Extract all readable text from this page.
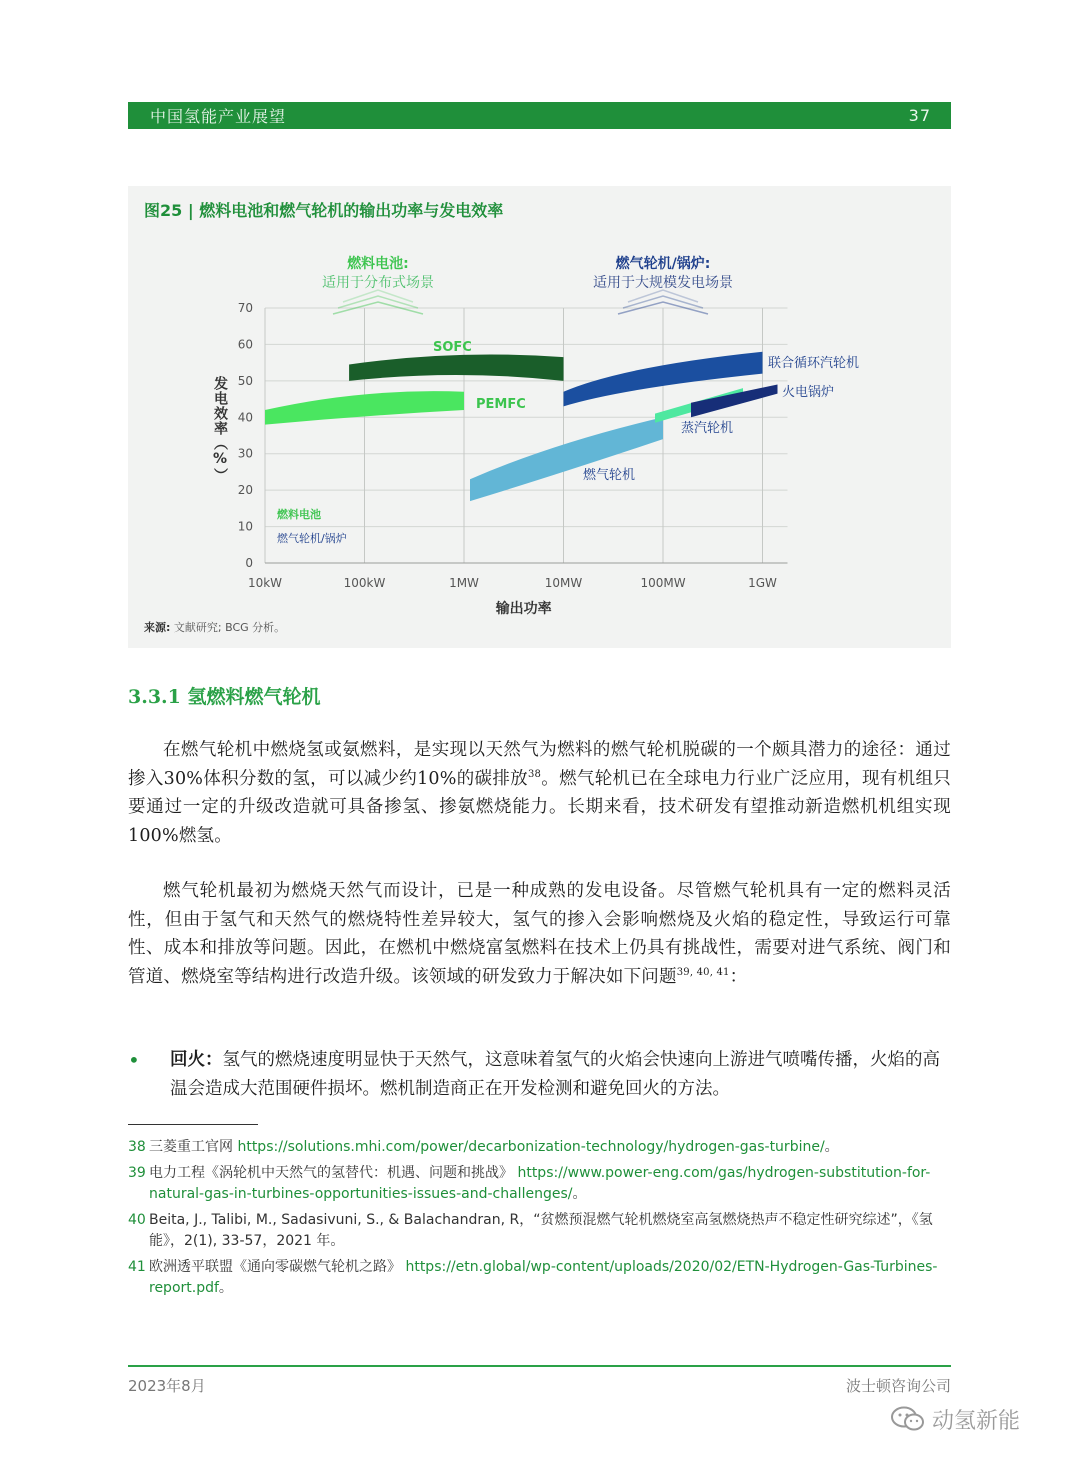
中国氢能产业展望	37
0
10
20
30
40
50
60
70
10kW	100kW	1MW	10MW	100MW	1GW
输出功率
发电效率（%）
燃料电池:
适用于分布式场景
燃气轮机/锅炉:
适用于大规模发电场景
SOFC
PEMFC
燃气轮机
蒸汽轮机
联合循环汽轮机
火电锅炉
燃料电池
燃气轮机/锅炉
图25 | 燃料电池和燃气轮机的输出功率与发电效率
来源: 文献研究; BCG 分析。
3.3.1 氢燃料燃气轮机
在燃气轮机中燃烧氢或氨燃料，是实现以天然气为燃料的燃气轮机脱碳的一个颇具潜力的途径：通过掺入30%体积分数的氢，可以减少约10%的碳排放$^{38}$。燃气轮机已在全球电力行业广泛应用，现有机组只要通过一定的升级改造就可具备掺氢、掺氨燃烧能力。长期来看，技术研发有望推动新造燃机机组实现100%燃氢。
燃气轮机最初为燃烧天然气而设计，已是一种成熟的发电设备。尽管燃气轮机具有一定的燃料灵活性，但由于氢气和天然气的燃烧特性差异较大，氢气的掺入会影响燃烧及火焰的稳定性，导致运行可靠性、成本和排放等问题。因此，在燃机中燃烧富氢燃料在技术上仍具有挑战性，需要对进气系统、阀门和管道、燃烧室等结构进行改造升级。该领域的研发致力于解决如下问题$^{39, 40, 41}$：
• 回火：氢气的燃烧速度明显快于天然气，这意味着氢气的火焰会快速向上游进气喷嘴传播，火焰的高温会造成大范围硬件损坏。燃机制造商正在开发检测和避免回火的方法。
38 三菱重工官网 https://solutions.mhi.com/power/decarbonization-technology/hydrogen-gas-turbine/。
39 电力工程《涡轮机中天然气的氢替代：机遇、问题和挑战》 https://www.power-eng.com/gas/hydrogen-substitution-for-natural-gas-in-turbines-opportunities-issues-and-challenges/。
40 Beita, J., Talibi, M., Sadasivuni, S., & Balachandran, R，“贫燃预混燃气轮机燃烧室高氢燃烧热声不稳定性研究综述”，《氢能》，2(1), 33-57，2021 年。
41 欧洲透平联盟《通向零碳燃气轮机之路》 https://etn.global/wp-content/uploads/2020/02/ETN-Hydrogen-Gas-Turbines-report.pdf。
2023年8月	波士顿咨询公司
动氢新能
